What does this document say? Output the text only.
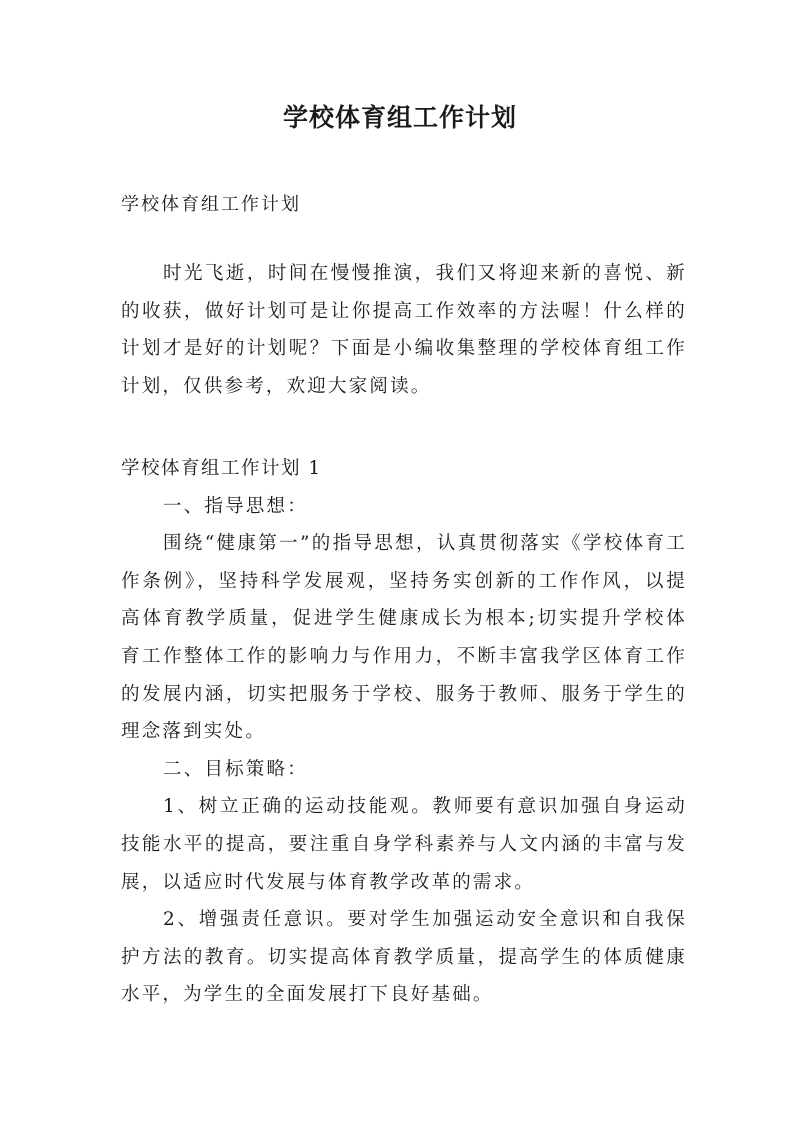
学校体育组工作计划

学校体育组工作计划

时光飞逝，时间在慢慢推演，我们又将迎来新的喜悦、新的收获，做好计划可是让你提高工作效率的方法喔！什么样的计划才是好的计划呢？下面是小编收集整理的学校体育组工作计划，仅供参考，欢迎大家阅读。

学校体育组工作计划 1

一、指导思想：

围绕“健康第一”的指导思想，认真贯彻落实《学校体育工作条例》，坚持科学发展观，坚持务实创新的工作作风，以提高体育教学质量，促进学生健康成长为根本;切实提升学校体育工作整体工作的影响力与作用力，不断丰富我学区体育工作的发展内涵，切实把服务于学校、服务于教师、服务于学生的理念落到实处。

二、目标策略：

1、树立正确的运动技能观。教师要有意识加强自身运动技能水平的提高，要注重自身学科素养与人文内涵的丰富与发展，以适应时代发展与体育教学改革的需求。

2、增强责任意识。要对学生加强运动安全意识和自我保护方法的教育。切实提高体育教学质量，提高学生的体质健康水平，为学生的全面发展打下良好基础。
